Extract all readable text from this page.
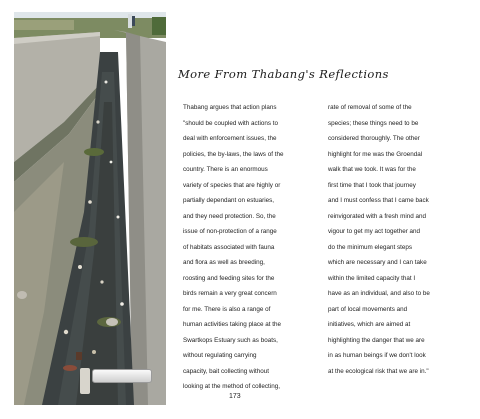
More From Thabang's Reflections
Thabang argues that action plans
"should be coupled with actions to
deal with enforcement issues, the
policies, the by-laws, the laws of the
country. There is an enormous
variety of species that are highly or
partially dependant on estuaries,
and they need protection. So, the
issue of non-protection of a range
of habitats associated with fauna
and flora as well as breeding,
roosting and feeding sites for the
birds remain a very great concern
for me. There is also a range of
human activities taking place at the
Swartkops Estuary such as boats,
without regulating carrying
capacity, bait collecting without
looking at the method of collecting,
rate of removal of some of the
species; these things need to be
considered thoroughly. The other
highlight for me was the Groendal
walk that we took. It was for the
first time that I took that journey
and I must confess that I came back
reinvigorated with a fresh mind and
vigour to get my act together and
do the minimum elegant steps
which are necessary and I can take
within the limited capacity that I
have as an individual, and also to be
part of local movements and
initiatives, which are aimed at
highlighting the danger that we are
in as human beings if we don't look
at the ecological risk that we are in."
173
